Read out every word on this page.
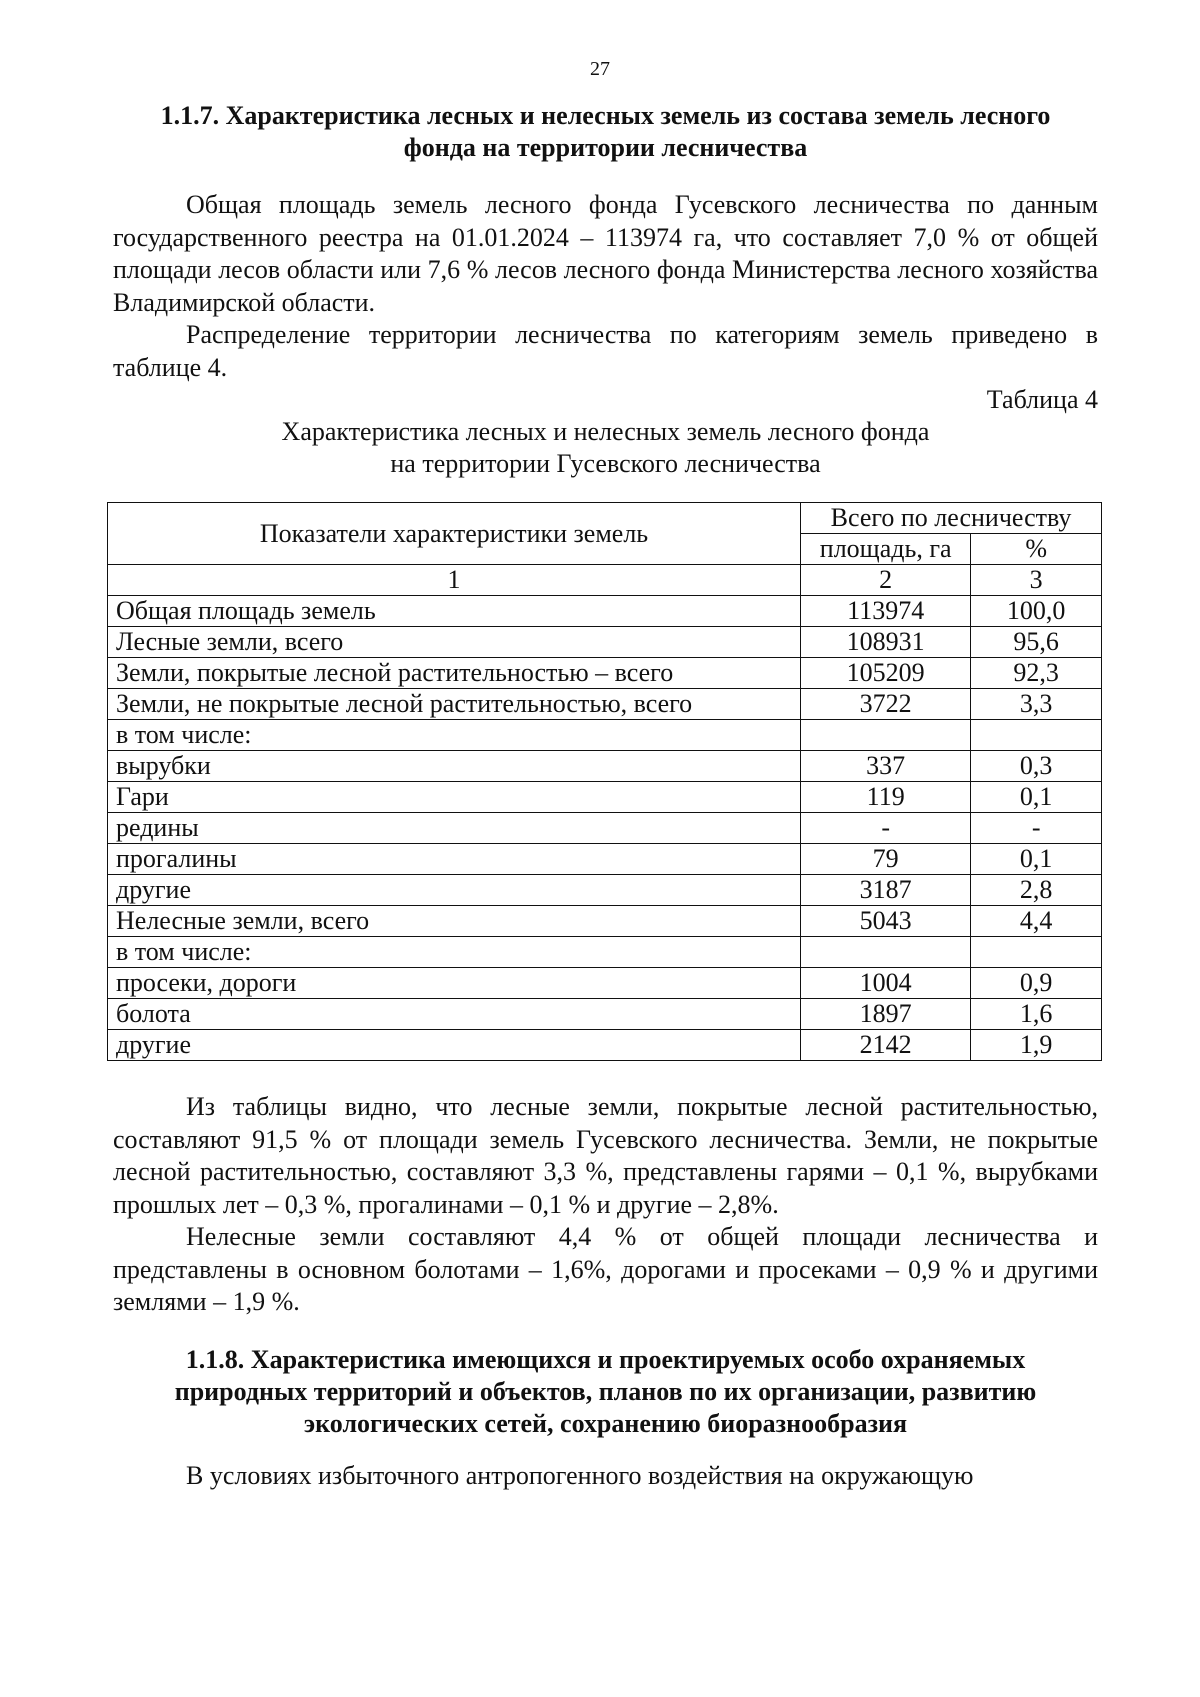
27
1.1.7. Характеристика лесных и нелесных земель из состава земель лесного фонда на территории лесничества

Общая площадь земель лесного фонда Гусевского лесничества по данным государственного реестра на 01.01.2024 – 113974 га, что составляет 7,0 % от общей площади лесов области или 7,6 % лесов лесного фонда Министерства лесного хозяйства Владимирской области.

Распределение территории лесничества по категориям земель приведено в таблице 4.

Таблица 4

Характеристика лесных и нелесных земель лесного фонда

на территории Гусевского лесничества

Показатели характеристики земель	Всего по лесничеству	
	площадь, га	%
1	2	3
Общая площадь земель	113974	100,0
Лесные земли, всего	108931	95,6
Земли, покрытые лесной растительностью – всего	105209	92,3
Земли, не покрытые лесной растительностью, всего	3722	3,3
в том числе:		
вырубки	337	0,3
Гари	119	0,1
редины	-	-
прогалины	79	0,1
другие	3187	2,8
Нелесные земли, всего	5043	4,4
в том числе:		
просеки, дороги	1004	0,9
болота	1897	1,6
другие	2142	1,9

Из таблицы видно, что лесные земли, покрытые лесной растительностью, составляют 91,5 % от площади земель Гусевского лесничества. Земли, не покрытые лесной растительностью, составляют 3,3 %, представлены гарями – 0,1 %, вырубками прошлых лет – 0,3 %, прогалинами – 0,1 % и другие – 2,8%.

Нелесные земли составляют 4,4 % от общей площади лесничества и представлены в основном болотами – 1,6%, дорогами и просеками – 0,9 % и другими землями – 1,9 %.

1.1.8. Характеристика имеющихся и проектируемых особо охраняемых природных территорий и объектов, планов по их организации, развитию экологических сетей, сохранению биоразнообразия

В условиях избыточного антропогенного воздействия на окружающую
